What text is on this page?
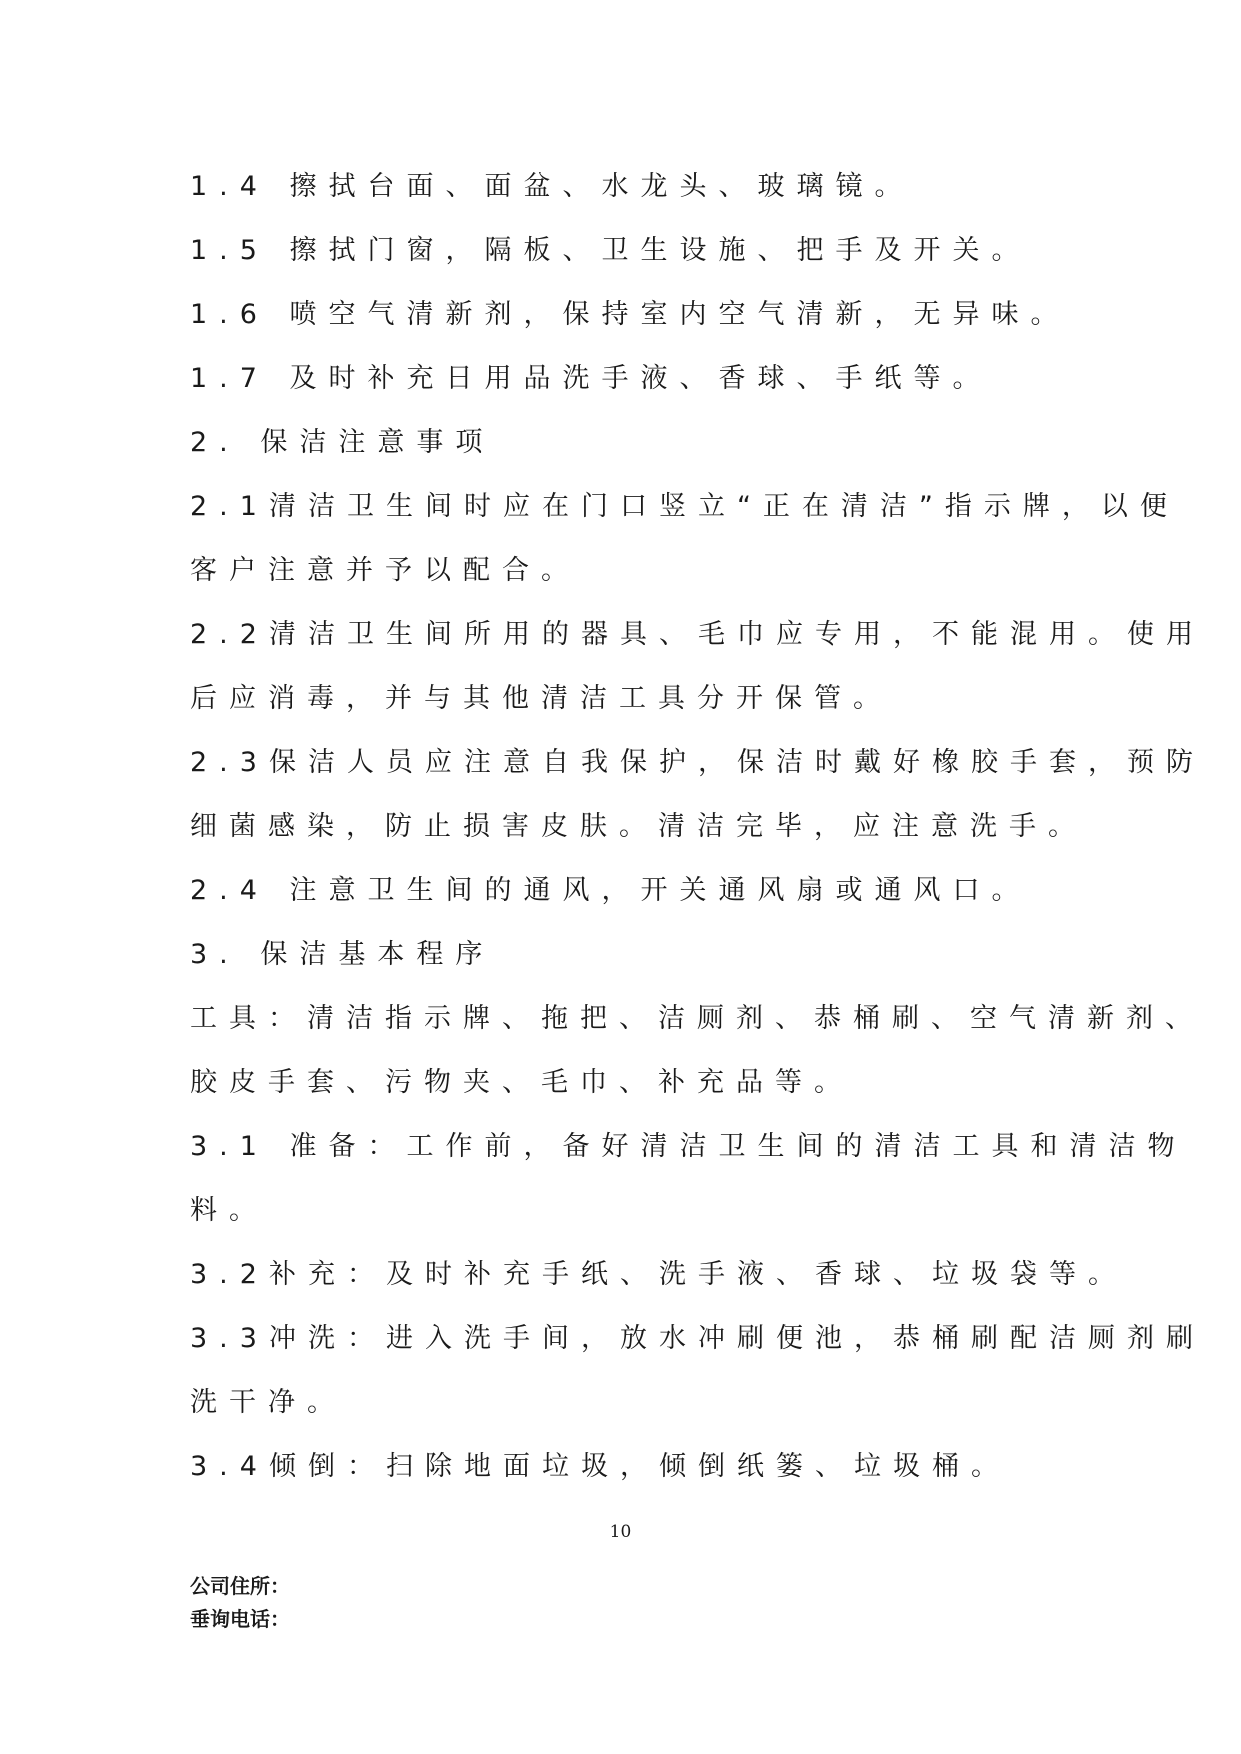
1.4 擦拭台面、面盆、水龙头、玻璃镜。
1.5 擦拭门窗，隔板、卫生设施、把手及开关。
1.6 喷空气清新剂，保持室内空气清新，无异味。
1.7 及时补充日用品洗手液、香球、手纸等。
2. 保洁注意事项
2.1清洁卫生间时应在门口竖立“正在清洁”指示牌，以便
客户注意并予以配合。
2.2清洁卫生间所用的器具、毛巾应专用，不能混用。使用
后应消毒，并与其他清洁工具分开保管。
2.3保洁人员应注意自我保护，保洁时戴好橡胶手套，预防
细菌感染，防止损害皮肤。清洁完毕，应注意洗手。
2.4 注意卫生间的通风，开关通风扇或通风口。
3. 保洁基本程序
工具：清洁指示牌、拖把、洁厕剂、恭桶刷、空气清新剂、
胶皮手套、污物夹、毛巾、补充品等。
3.1 准备：工作前，备好清洁卫生间的清洁工具和清洁物
料。
3.2补充：及时补充手纸、洗手液、香球、垃圾袋等。
3.3冲洗：进入洗手间，放水冲刷便池，恭桶刷配洁厕剂刷
洗干净。
3.4倾倒：扫除地面垃圾，倾倒纸篓、垃圾桶。
10
公司住所：
垂询电话：
